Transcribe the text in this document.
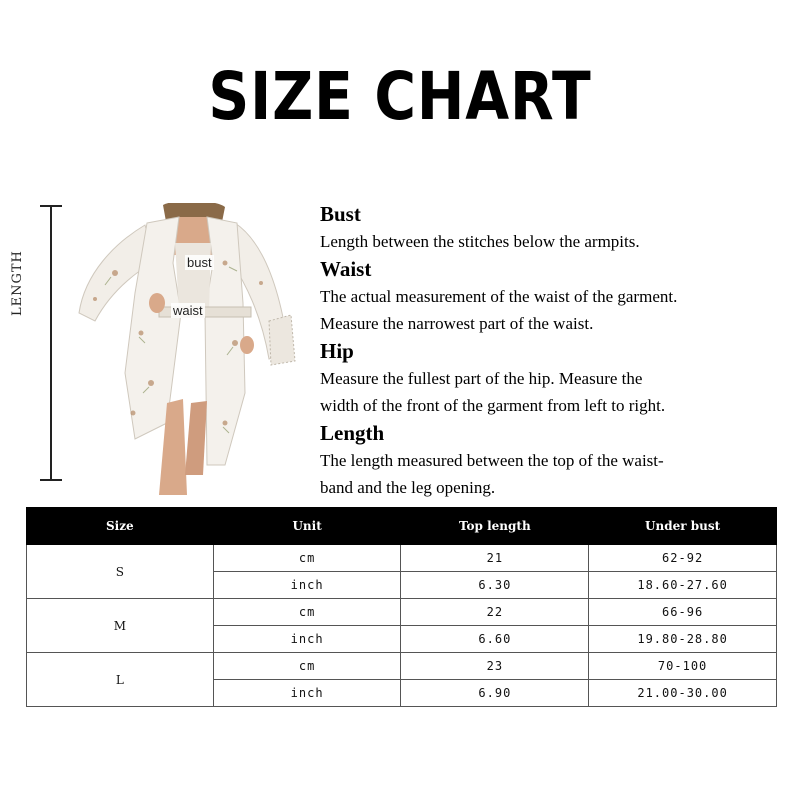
SIZE CHART
LENGTH	bust
waist
Bust
Length between the stitches below the armpits.
Waist
The actual measurement of the waist of the garment.
Measure the narrowest part of the waist.
Hip
Measure the fullest part of the hip. Measure the
width of the front of the garment from left to right.
Length
The length measured between the top of the waist-
band and the leg opening.
Size	Unit	Top length	Under bust
S	cm	21	62-92
	inch	6.30	18.60-27.60
M	cm	22	66-96
	inch	6.60	19.80-28.80
L	cm	23	70-100
	inch	6.90	21.00-30.00
